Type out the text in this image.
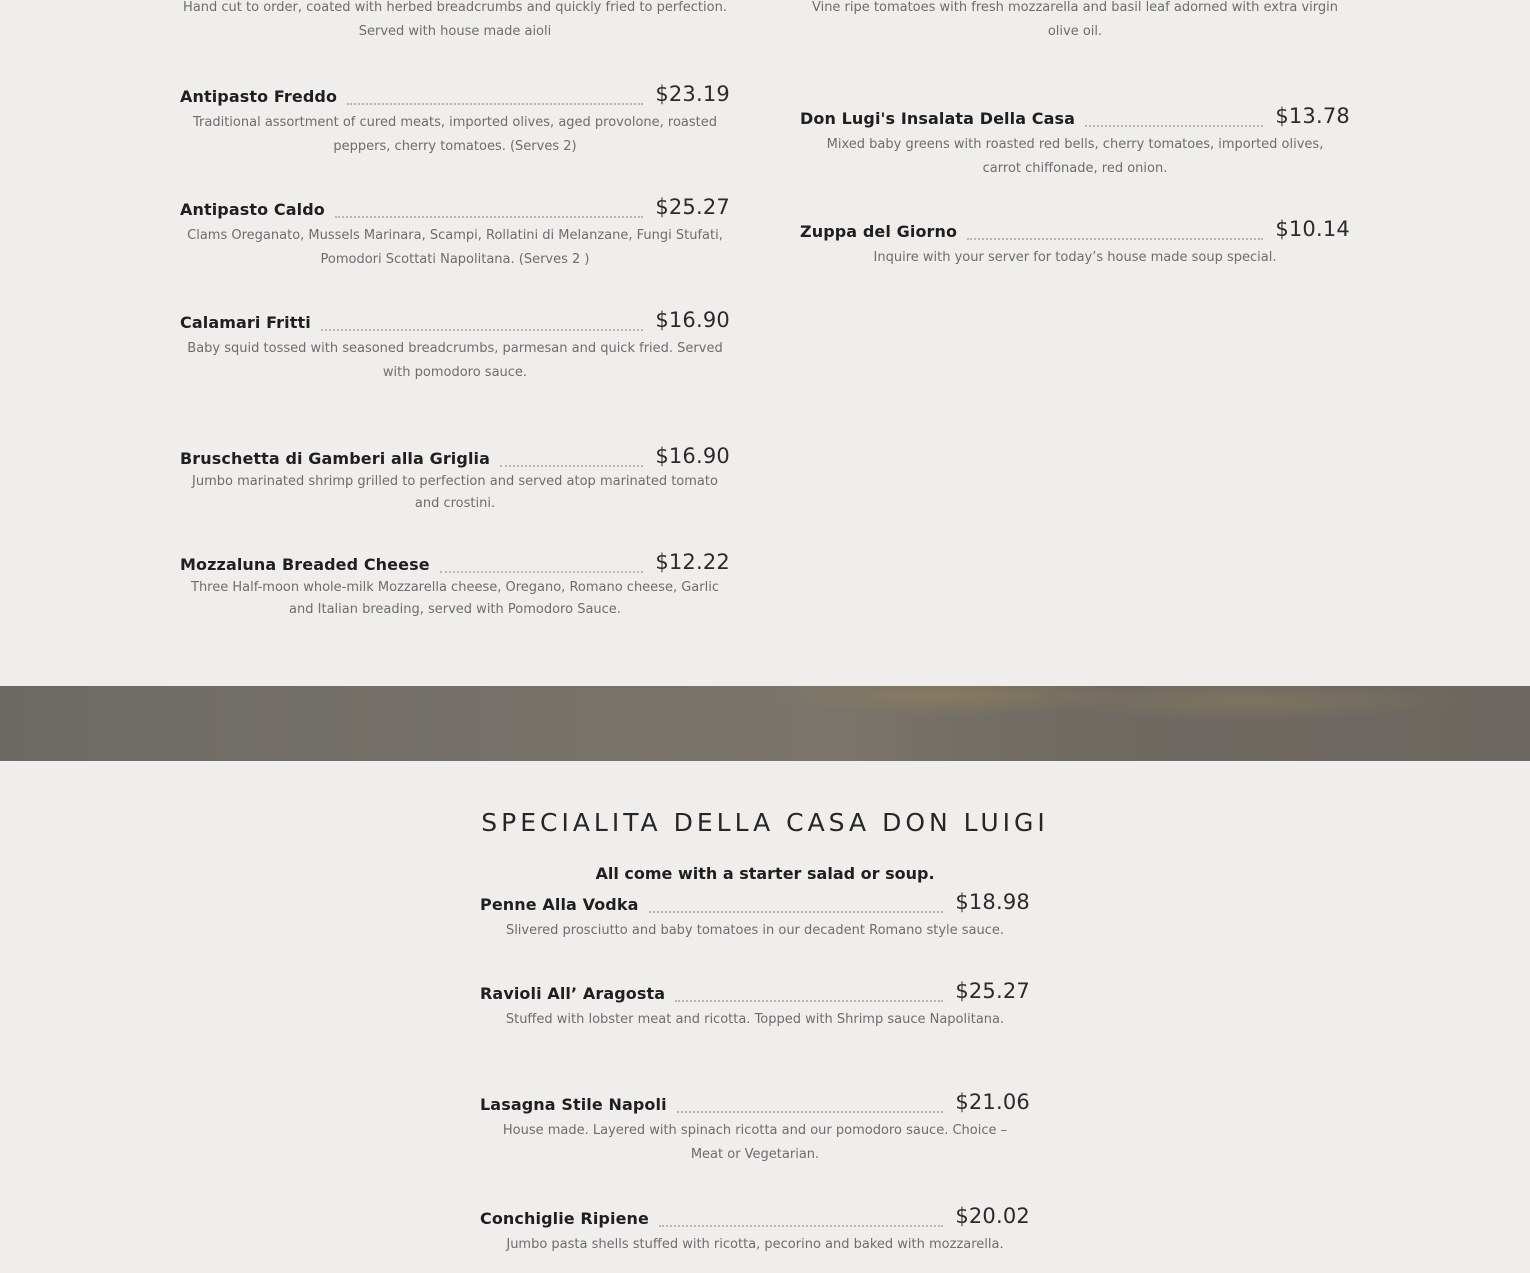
Hand cut to order, coated with herbed breadcrumbs and quickly fried to perfection. Served with house made aioli
Antipasto Freddo	$23.19
Traditional assortment of cured meats, imported olives, aged provolone, roasted peppers, cherry tomatoes. (Serves 2)
Antipasto Caldo	$25.27
Clams Oreganato, Mussels Marinara, Scampi, Rollatini di Melanzane, Fungi Stufati, Pomodori Scottati Napolitana. (Serves 2 )
Calamari Fritti	$16.90
Baby squid tossed with seasoned breadcrumbs, parmesan and quick fried. Served with pomodoro sauce.
Bruschetta di Gamberi alla Griglia	$16.90
Jumbo marinated shrimp grilled to perfection and served atop marinated tomato and crostini.
Mozzaluna Breaded Cheese	$12.22
Three Half-moon whole-milk Mozzarella cheese, Oregano, Romano cheese, Garlic and Italian breading, served with Pomodoro Sauce.
Vine ripe tomatoes with fresh mozzarella and basil leaf adorned with extra virgin olive oil.
Don Lugi's Insalata Della Casa	$13.78
Mixed baby greens with roasted red bells, cherry tomatoes, imported olives, carrot chiffonade, red onion.
Zuppa del Giorno	$10.14
Inquire with your server for today’s house made soup special.
SPECIALITA DELLA CASA DON LUIGI
All come with a starter salad or soup.
Penne Alla Vodka	$18.98
Slivered prosciutto and baby tomatoes in our decadent Romano style sauce.
Ravioli All’ Aragosta	$25.27
Stuffed with lobster meat and ricotta. Topped with Shrimp sauce Napolitana.
Lasagna Stile Napoli	$21.06
House made. Layered with spinach ricotta and our pomodoro sauce. Choice – Meat or Vegetarian.
Conchiglie Ripiene	$20.02
Jumbo pasta shells stuffed with ricotta, pecorino and baked with mozzarella.
